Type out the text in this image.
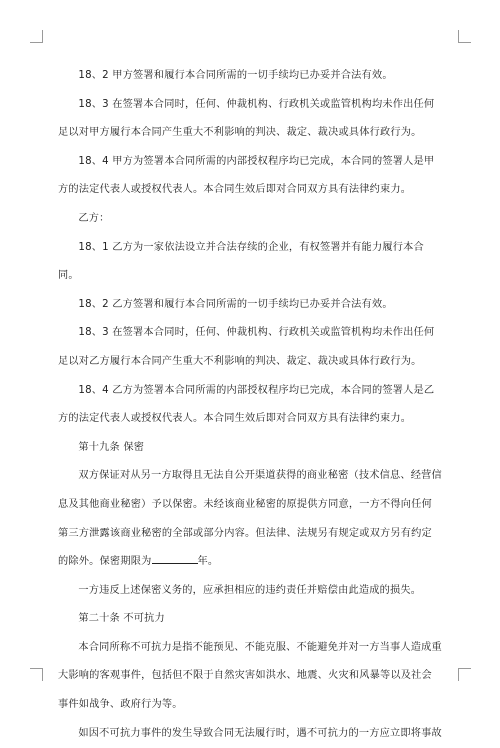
18、2 甲方签署和履行本合同所需的一切手续均已办妥并合法有效。

18、3 在签署本合同时，任何、仲裁机构、行政机关或监管机构均未作出任何足以对甲方履行本合同产生重大不利影响的判决、裁定、裁决或具体行政行为。

18、4 甲方为签署本合同所需的内部授权程序均已完成，本合同的签署人是甲方的法定代表人或授权代表人。本合同生效后即对合同双方具有法律约束力。

乙方：

18、1 乙方为一家依法设立并合法存续的企业，有权签署并有能力履行本合同。

18、2 乙方签署和履行本合同所需的一切手续均已办妥并合法有效。

18、3 在签署本合同时，任何、仲裁机构、行政机关或监管机构均未作出任何足以对乙方履行本合同产生重大不利影响的判决、裁定、裁决或具体行政行为。

18、4 乙方为签署本合同所需的内部授权程序均已完成，本合同的签署人是乙方的法定代表人或授权代表人。本合同生效后即对合同双方具有法律约束力。

第十九条 保密

双方保证对从另一方取得且无法自公开渠道获得的商业秘密（技术信息、经营信息及其他商业秘密）予以保密。未经该商业秘密的原提供方同意，一方不得向任何第三方泄露该商业秘密的全部或部分内容。但法律、法规另有规定或双方另有约定的除外。保密期限为	年。

一方违反上述保密义务的，应承担相应的违约责任并赔偿由此造成的损失。

第二十条 不可抗力

本合同所称不可抗力是指不能预见、不能克服、不能避免并对一方当事人造成重大影响的客观事件，包括但不限于自然灾害如洪水、地震、火灾和风暴等以及社会事件如战争、政府行为等。

如因不可抗力事件的发生导致合同无法履行时，遇不可抗力的一方应立即将事故
